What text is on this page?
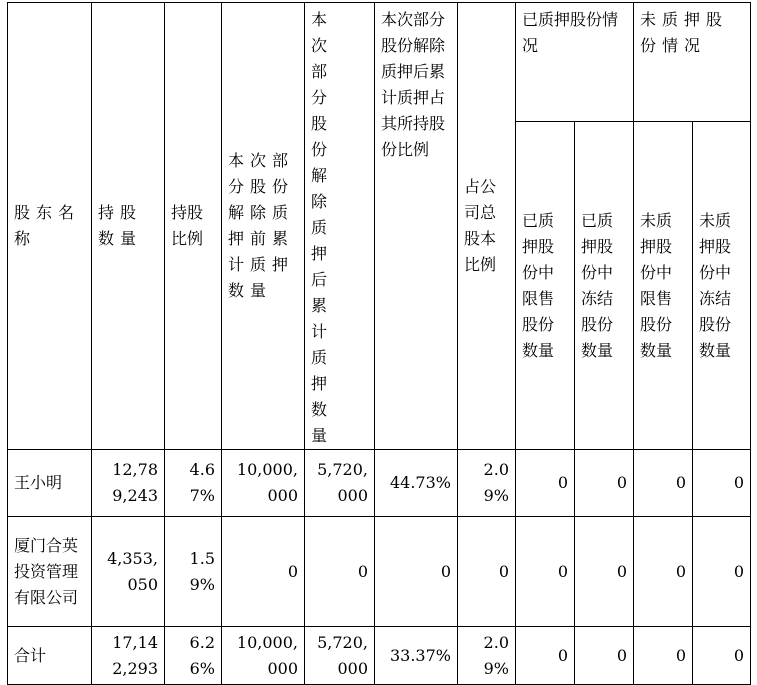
股东名称	持股数量	持股比例	本次部分股份解除质押前累计质押数量	本次部分股份解除质押后累计质押数量	本次部分股份解除质押后累计质押占其所持股份比例	占公司总股本比例	已质押股份情况		未质押股份情况	
							已质押股份中限售股份数量	已质押股份中冻结股份数量	未质押股份中限售股份数量	未质押股份中冻结股份数量
王小明	12,789,243	4.67%	10,000,000	5,720,000	44.73%	2.09%	0	0	0	0
厦门合英投资管理有限公司	4,353,050	1.59%	0	0	0	0	0	0	0	0
合计	17,142,293	6.26%	10,000,000	5,720,000	33.37%	2.09%	0	0	0	0
